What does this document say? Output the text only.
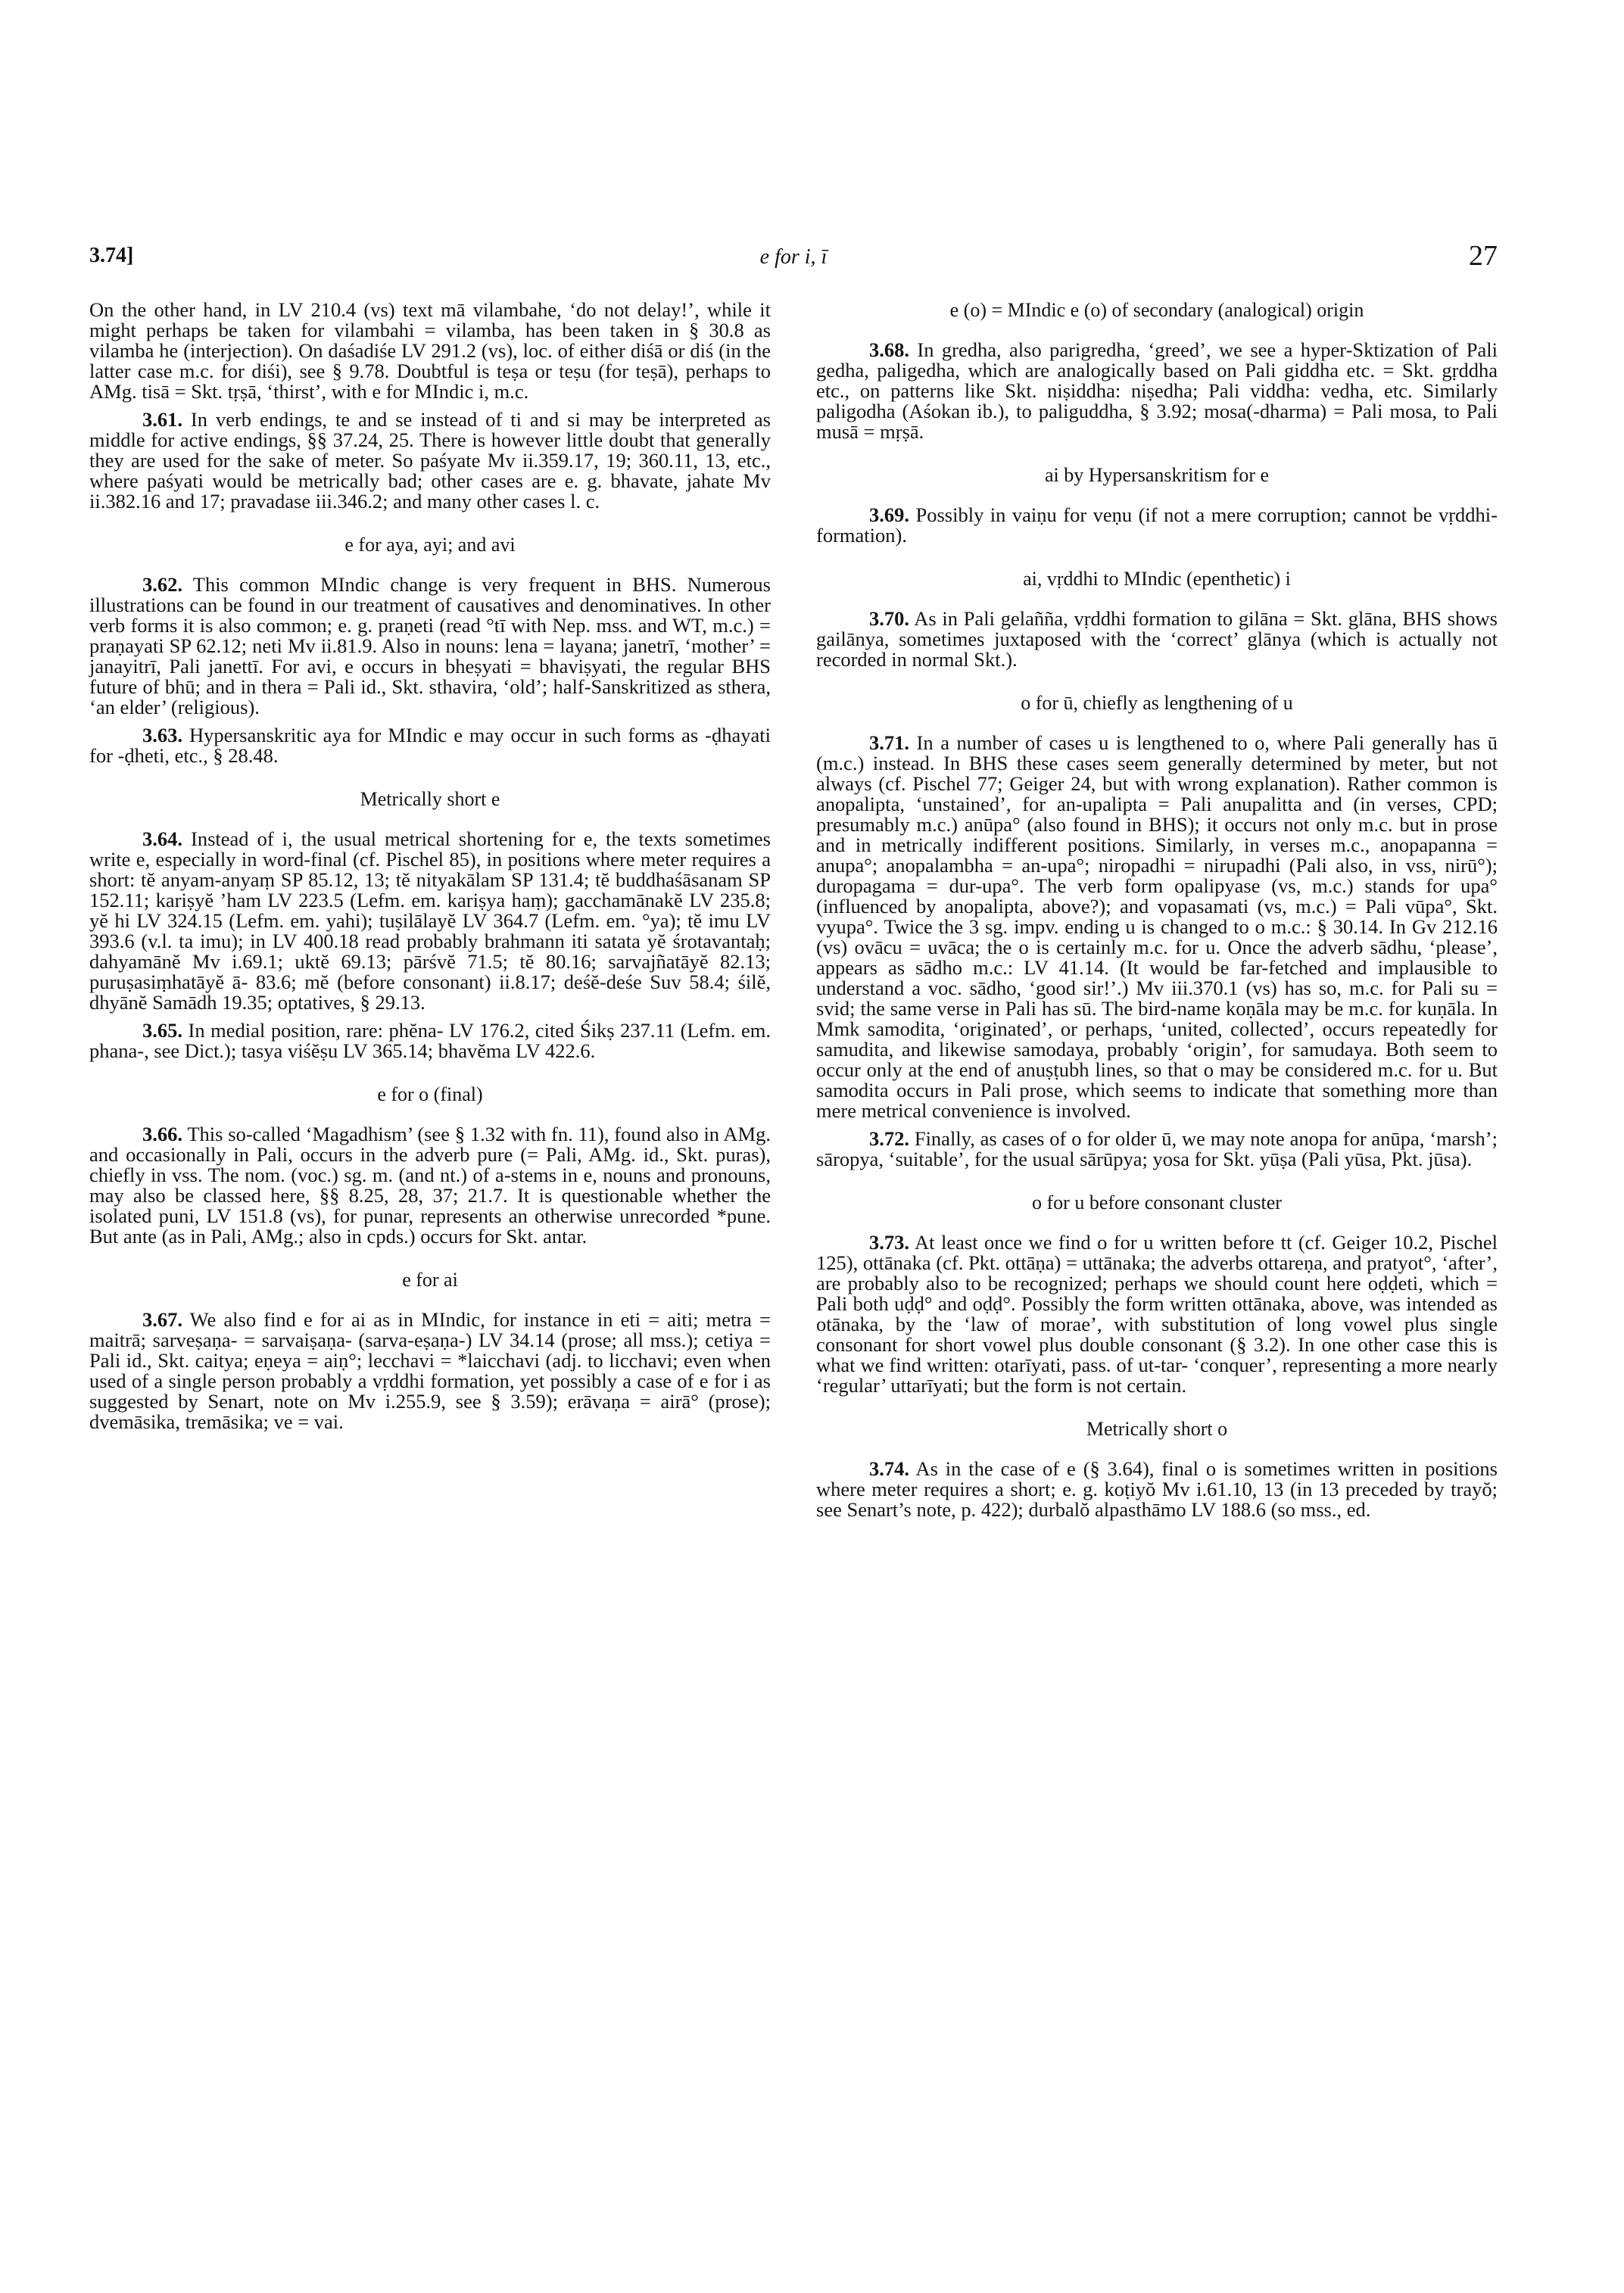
3.74]	e for i, ī	27

On the other hand, in LV 210.4 (vs) text mā vilambahe, ‘do not delay!’, while it might perhaps be taken for vilambahi = vilamba, has been taken in § 30.8 as vilamba he (interjection). On daśadiśe LV 291.2 (vs), loc. of either diśā or diś (in the latter case m.c. for diśi), see § 9.78. Doubtful is teṣa or teṣu (for teṣā), perhaps to AMg. tisā = Skt. tṛṣā, ‘thirst’, with e for MIndic i, m.c.

3.61. In verb endings, te and se instead of ti and si may be interpreted as middle for active endings, §§ 37.24, 25. There is however little doubt that generally they are used for the sake of meter. So paśyate Mv ii.359.17, 19; 360.11, 13, etc., where paśyati would be metrically bad; other cases are e. g. bhavate, jahate Mv ii.382.16 and 17; pravadase iii.346.2; and many other cases l. c.

e for aya, ayi; and avi

3.62. This common MIndic change is very frequent in BHS. Numerous illustrations can be found in our treatment of causatives and denominatives. In other verb forms it is also common; e. g. praṇeti (read °tī with Nep. mss. and WT, m.c.) = praṇayati SP 62.12; neti Mv ii.81.9. Also in nouns: lena = layana; janetrī, ‘mother’ = janayitrī, Pali janettī. For avi, e occurs in bheṣyati = bhaviṣyati, the regular BHS future of bhū; and in thera = Pali id., Skt. sthavira, ‘old’; half-Sanskritized as sthera, ‘an elder’ (religious).

3.63. Hypersanskritic aya for MIndic e may occur in such forms as -ḍhayati for -ḍheti, etc., § 28.48.

Metrically short e

3.64. Instead of i, the usual metrical shortening for e, the texts sometimes write e, especially in word-final (cf. Pischel 85), in positions where meter requires a short: tĕ anyam-anyaṃ SP 85.12, 13; tĕ nityakālam SP 131.4; tĕ buddhaśāsanam SP 152.11; kariṣyĕ ’ham LV 223.5 (Lefm. em. kariṣya haṃ); gacchamānakĕ LV 235.8; yĕ hi LV 324.15 (Lefm. em. yahi); tuṣilālayĕ LV 364.7 (Lefm. em. °ya); tĕ imu LV 393.6 (v.l. ta imu); in LV 400.18 read probably brahmann iti satata yĕ śrotavantaḥ; dahyamānĕ Mv i.69.1; uktĕ 69.13; pārśvĕ 71.5; tĕ 80.16; sarvajñatāyĕ 82.13; puruṣasiṃhatāyĕ ā- 83.6; mĕ (before consonant) ii.8.17; deśĕ-deśe Suv 58.4; śilĕ, dhyānĕ Samādh 19.35; optatives, § 29.13.

3.65. In medial position, rare: phĕna- LV 176.2, cited Śikṣ 237.11 (Lefm. em. phana-, see Dict.); tasya viśĕṣu LV 365.14; bhavĕma LV 422.6.

e for o (final)

3.66. This so-called ‘Magadhism’ (see § 1.32 with fn. 11), found also in AMg. and occasionally in Pali, occurs in the adverb pure (= Pali, AMg. id., Skt. puras), chiefly in vss. The nom. (voc.) sg. m. (and nt.) of a-stems in e, nouns and pronouns, may also be classed here, §§ 8.25, 28, 37; 21.7. It is questionable whether the isolated puni, LV 151.8 (vs), for punar, represents an otherwise unrecorded *pune. But ante (as in Pali, AMg.; also in cpds.) occurs for Skt. antar.

e for ai

3.67. We also find e for ai as in MIndic, for instance in eti = aiti; metra = maitrā; sarveṣaṇa- = sarvaiṣaṇa- (sarva-eṣaṇa-) LV 34.14 (prose; all mss.); cetiya = Pali id., Skt. caitya; eṇeya = aiṇ°; lecchavi = *laicchavi (adj. to licchavi; even when used of a single person probably a vṛddhi formation, yet possibly a case of e for i as suggested by Senart, note on Mv i.255.9, see § 3.59); erāvaṇa = airā° (prose); dvemāsika, tremāsika; ve = vai.

e (o) = MIndic e (o) of secondary (analogical) origin

3.68. In gredha, also parigredha, ‘greed’, we see a hyper-Sktization of Pali gedha, paligedha, which are analogically based on Pali giddha etc. = Skt. gṛddha etc., on patterns like Skt. niṣiddha: niṣedha; Pali viddha: vedha, etc. Similarly paligodha (Aśokan ib.), to paliguddha, § 3.92; mosa(-dharma) = Pali mosa, to Pali musā = mṛṣā.

ai by Hypersanskritism for e

3.69. Possibly in vaiṇu for veṇu (if not a mere corruption; cannot be vṛddhi-formation).

ai, vṛddhi to MIndic (epenthetic) i

3.70. As in Pali gelañña, vṛddhi formation to gilāna = Skt. glāna, BHS shows gailānya, sometimes juxtaposed with the ‘correct’ glānya (which is actually not recorded in normal Skt.).

o for ū, chiefly as lengthening of u

3.71. In a number of cases u is lengthened to o, where Pali generally has ū (m.c.) instead. In BHS these cases seem generally determined by meter, but not always (cf. Pischel 77; Geiger 24, but with wrong explanation). Rather common is anopalipta, ‘unstained’, for an-upalipta = Pali anupalitta and (in verses, CPD; presumably m.c.) anūpa° (also found in BHS); it occurs not only m.c. but in prose and in metrically indifferent positions. Similarly, in verses m.c., anopapanna = anupa°; anopalambha = an-upa°; niropadhi = nirupadhi (Pali also, in vss, nirū°); duropagama = dur-upa°. The verb form opalipyase (vs, m.c.) stands for upa° (influenced by anopalipta, above?); and vopasamati (vs, m.c.) = Pali vūpa°, Skt. vyupa°. Twice the 3 sg. impv. ending u is changed to o m.c.: § 30.14. In Gv 212.16 (vs) ovācu = uvāca; the o is certainly m.c. for u. Once the adverb sādhu, ‘please’, appears as sādho m.c.: LV 41.14. (It would be far-fetched and implausible to understand a voc. sādho, ‘good sir!’.) Mv iii.370.1 (vs) has so, m.c. for Pali su = svid; the same verse in Pali has sū. The bird-name koṇāla may be m.c. for kuṇāla. In Mmk samodita, ‘originated’, or perhaps, ‘united, collected’, occurs repeatedly for samudita, and likewise samodaya, probably ‘origin’, for samudaya. Both seem to occur only at the end of anuṣṭubh lines, so that o may be considered m.c. for u. But samodita occurs in Pali prose, which seems to indicate that something more than mere metrical convenience is involved.

3.72. Finally, as cases of o for older ū, we may note anopa for anūpa, ‘marsh’; sāropya, ‘suitable’, for the usual sārūpya; yosa for Skt. yūṣa (Pali yūsa, Pkt. jūsa).

o for u before consonant cluster

3.73. At least once we find o for u written before tt (cf. Geiger 10.2, Pischel 125), ottānaka (cf. Pkt. ottāṇa) = uttānaka; the adverbs ottareṇa, and pratyot°, ‘after’, are probably also to be recognized; perhaps we should count here oḍḍeti, which = Pali both uḍḍ° and oḍḍ°. Possibly the form written ottānaka, above, was intended as otānaka, by the ‘law of morae’, with substitution of long vowel plus single consonant for short vowel plus double consonant (§ 3.2). In one other case this is what we find written: otarīyati, pass. of ut-tar- ‘conquer’, representing a more nearly ‘regular’ uttarīyati; but the form is not certain.

Metrically short o

3.74. As in the case of e (§ 3.64), final o is sometimes written in positions where meter requires a short; e. g. koṭiyŏ Mv i.61.10, 13 (in 13 preceded by trayŏ; see Senart’s note, p. 422); durbalŏ alpasthāmo LV 188.6 (so mss., ed.
